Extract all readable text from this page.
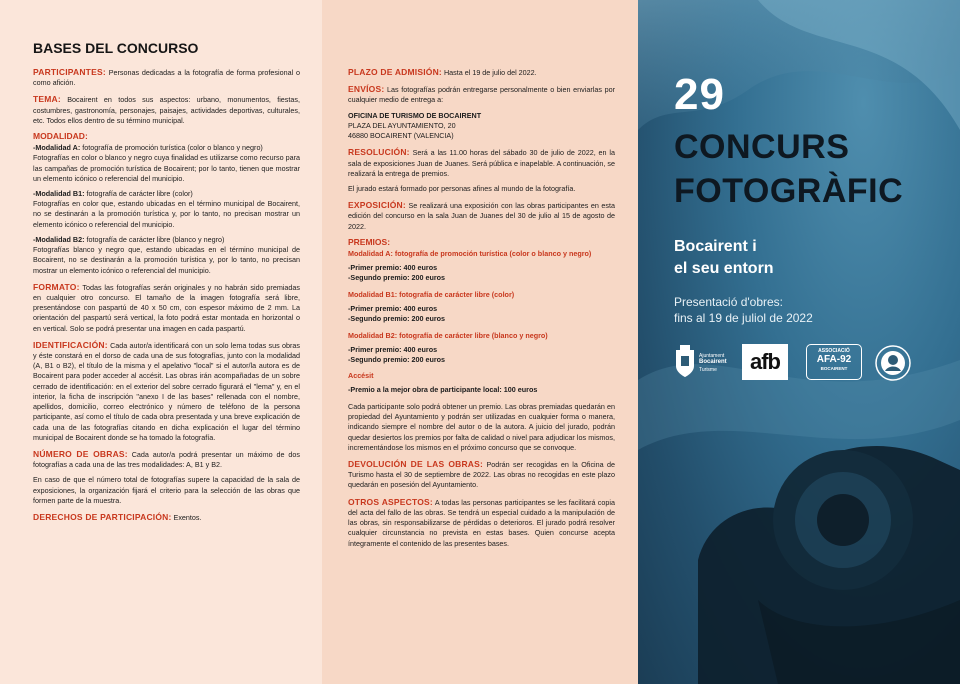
BASES DEL CONCURSO

PARTICIPANTES: Personas dedicadas a la fotografía de forma profesional o como afición.

TEMA: Bocairent en todos sus aspectos: urbano, monumentos, fiestas, costumbres, gastronomía, personajes, paisajes, actividades deportivas, culturales, etc. Todos ellos dentro de su término municipal.

MODALIDAD:

-Modalidad A: fotografía de promoción turística (color o blanco y negro)
Fotografías en color o blanco y negro cuya finalidad es utilizarse como recurso para las campañas de promoción turística de Bocairent; por lo tanto, tienen que mostrar un elemento icónico o referencial del municipio.

-Modalidad B1: fotografía de carácter libre (color)
Fotografías en color que, estando ubicadas en el término municipal de Bocairent, no se destinarán a la promoción turística y, por lo tanto, no precisan mostrar un elemento icónico o referencial del municipio.

-Modalidad B2: fotografía de carácter libre (blanco y negro)
Fotografías blanco y negro que, estando ubicadas en el término municipal de Bocairent, no se destinarán a la promoción turística y, por lo tanto, no precisan mostrar un elemento icónico o referencial del municipio.

FORMATO: Todas las fotografías serán originales y no habrán sido premiadas en cualquier otro concurso. El tamaño de la imagen fotografía será libre, presentándose con paspartú de 40 x 50 cm, con espesor máximo de 2 mm. La orientación del paspartú será vertical, la foto podrá estar montada en horizontal o en vertical. Solo se podrá presentar una imagen en cada paspartú.

IDENTIFICACIÓN: Cada autor/a identificará con un solo lema todas sus obras y éste constará en el dorso de cada una de sus fotografías, junto con la modalidad (A, B1 o B2), el título de la misma y el apelativo "local" si el autor/la autora es de Bocairent para poder acceder al accésit. Las obras irán acompañadas de un sobre cerrado de identificación: en el exterior del sobre cerrado figurará el "lema" y, en el interior, la ficha de inscripción "anexo I de las bases" rellenada con el nombre, apellidos, domicilio, correo electrónico y número de teléfono de la persona participante, así como el título de cada obra presentada y una breve explicación de cada una de las fotografías citando en dicha explicación el lugar del término municipal de Bocairent donde se ha tomado la fotografía.

NÚMERO DE OBRAS: Cada autor/a podrá presentar un máximo de dos fotografías a cada una de las tres modalidades: A, B1 y B2.

En caso de que el número total de fotografías supere la capacidad de la sala de exposiciones, la organización fijará el criterio para la selección de las obras que formen parte de la muestra.

DERECHOS DE PARTICIPACIÓN: Exentos.

PLAZO DE ADMISIÓN: Hasta el 19 de julio del 2022.

ENVÍOS: Las fotografías podrán entregarse personalmente o bien enviarlas por cualquier medio de entrega a:

OFICINA DE TURISMO DE BOCAIRENT
PLAZA DEL AYUNTAMIENTO, 20
46880 BOCAIRENT (VALENCIA)

RESOLUCIÓN: Será a las 11.00 horas del sábado 30 de julio de 2022, en la sala de exposiciones Juan de Juanes. Será pública e inapelable. A continuación, se realizará la entrega de premios.

El jurado estará formado por personas afines al mundo de la fotografía.

EXPOSICIÓN: Se realizará una exposición con las obras participantes en esta edición del concurso en la sala Juan de Juanes del 30 de julio al 15 de agosto de 2022.

PREMIOS:
Modalidad A: fotografía de promoción turística (color o blanco y negro)
-Primer premio: 400 euros
-Segundo premio: 200 euros
Modalidad B1: fotografía de carácter libre (color)
-Primer premio: 400 euros
-Segundo premio: 200 euros
Modalidad B2: fotografía de carácter libre (blanco y negro)
-Primer premio: 400 euros
-Segundo premio: 200 euros
Accésit
-Premio a la mejor obra de participante local: 100 euros

Cada participante solo podrá obtener un premio. Las obras premiadas quedarán en propiedad del Ayuntamiento y podrán ser utilizadas en cualquier forma o manera, indicando siempre el nombre del autor o de la autora. A juicio del jurado, podrán quedar desiertos los premios por falta de calidad o nivel para adjudicar los mismos, incrementándose los mismos en el próximo concurso que se convoque.

DEVOLUCIÓN DE LAS OBRAS: Podrán ser recogidas en la Oficina de Turismo hasta el 30 de septiembre de 2022. Las obras no recogidas en este plazo quedarán en posesión del Ayuntamiento.

OTROS ASPECTOS: A todas las personas participantes se les facilitará copia del acta del fallo de las obras. Se tendrá un especial cuidado a la manipulación de las obras, sin responsabilizarse de pérdidas o deterioros. El jurado podrá resolver cualquier circunstancia no prevista en estas bases. Quien concurse acepta íntegramente el contenido de las presentes bases.

29
CONCURS
FOTOGRÀFIC
Bocairent i
el seu entorn
Presentació d'obres:
fins al 19 de juliol de 2022
Ajuntament
Bocairent
Turisme	afb	ASSOCIACIÓ
AFA-92
BOCAIRENT
